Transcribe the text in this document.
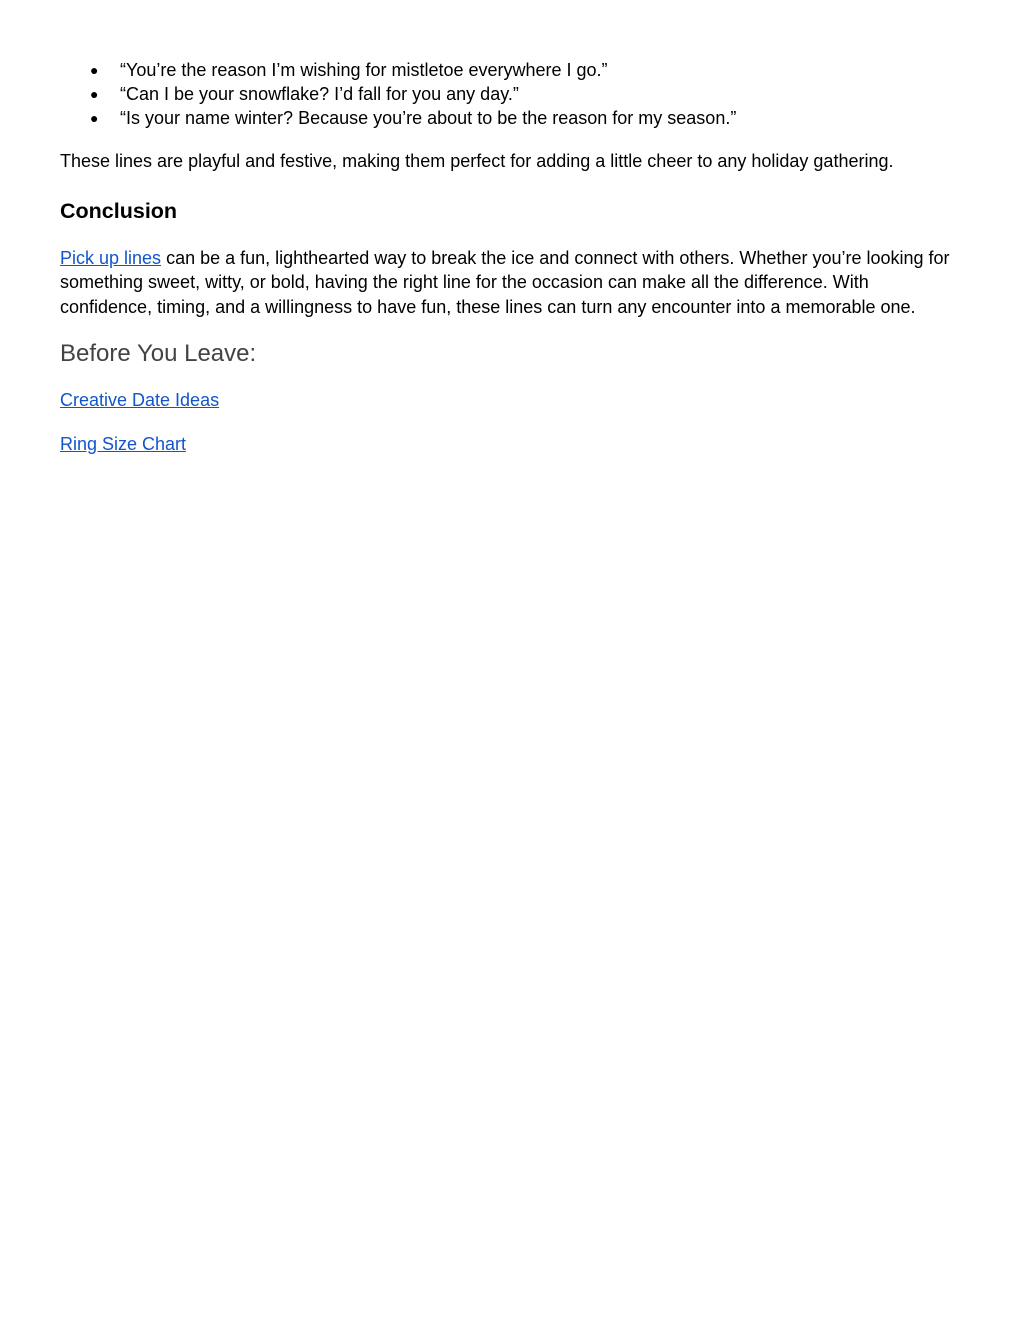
● “You’re the reason I’m wishing for mistletoe everywhere I go.”
● “Can I be your snowflake? I’d fall for you any day.”
● “Is your name winter? Because you’re about to be the reason for my season.”

These lines are playful and festive, making them perfect for adding a little cheer to any holiday gathering.

Conclusion

Pick up lines can be a fun, lighthearted way to break the ice and connect with others. Whether you’re looking for something sweet, witty, or bold, having the right line for the occasion can make all the difference. With confidence, timing, and a willingness to have fun, these lines can turn any encounter into a memorable one.

Before You Leave:

Creative Date Ideas

Ring Size Chart
